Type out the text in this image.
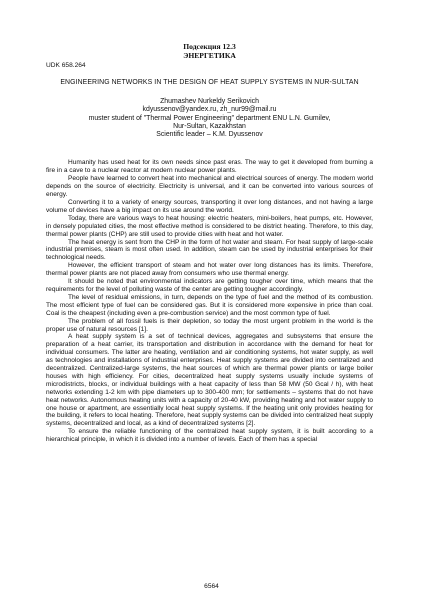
Подсекция 12.3
ЭНЕРГЕТИКА
UDK 658.264
ENGINEERING NETWORKS IN THE DESIGN OF HEAT SUPPLY SYSTEMS IN NUR-SULTAN
Zhumashev Nurkeldy Serikovich
kdyussenov@yandex.ru, zh_nur99@mail.ru
muster student of "Thermal Power Engineering" department ENU L.N. Gumilev,
Nur-Sultan, Kazakhstan
Scientific leader – K.M. Dyussenov

Humanity has used heat for its own needs since past eras. The way to get it developed from burning a fire in a cave to a nuclear reactor at modern nuclear power plants.

People have learned to convert heat into mechanical and electrical sources of energy. The modern world depends on the source of electricity. Electricity is universal, and it can be converted into various sources of energy.

Converting it to a variety of energy sources, transporting it over long distances, and not having a large volume of devices have a big impact on its use around the world.

Today, there are various ways to heat housing: electric heaters, mini-boilers, heat pumps, etc. However, in densely populated cities, the most effective method is considered to be district heating. Therefore, to this day, thermal power plants (CHP) are still used to provide cities with heat and hot water.

The heat energy is sent from the CHP in the form of hot water and steam. For heat supply of large-scale industrial premises, steam is most often used. In addition, steam can be used by industrial enterprises for their technological needs.

However, the efficient transport of steam and hot water over long distances has its limits. Therefore, thermal power plants are not placed away from consumers who use thermal energy.

It should be noted that environmental indicators are getting tougher over time, which means that the requirements for the level of polluting waste of the center are getting tougher accordingly.

The level of residual emissions, in turn, depends on the type of fuel and the method of its combustion. The most efficient type of fuel can be considered gas. But it is considered more expensive in price than coal. Coal is the cheapest (including even a pre-combustion service) and the most common type of fuel.

The problem of all fossil fuels is their depletion, so today the most urgent problem in the world is the proper use of natural resources [1].

A heat supply system is a set of technical devices, aggregates and subsystems that ensure the preparation of a heat carrier, its transportation and distribution in accordance with the demand for heat for individual consumers. The latter are heating, ventilation and air conditioning systems, hot water supply, as well as technologies and installations of industrial enterprises. Heat supply systems are divided into centralized and decentralized. Centralized-large systems, the heat sources of which are thermal power plants or large boiler houses with high efficiency. For cities, decentralized heat supply systems usually include systems of microdistricts, blocks, or individual buildings with a heat capacity of less than 58 MW (50 Gcal / h), with heat networks extending 1-2 km with pipe diameters up to 300-400 mm; for settlements – systems that do not have heat networks. Autonomous heating units with a capacity of 20-40 kW, providing heating and hot water supply to one house or apartment, are essentially local heat supply systems. If the heating unit only provides heating for the building, it refers to local heating. Therefore, heat supply systems can be divided into centralized heat supply systems, decentralized and local, as a kind of decentralized systems [2].

To ensure the reliable functioning of the centralized heat supply system, it is built according to a hierarchical principle, in which it is divided into a number of levels. Each of them has a special

6564
